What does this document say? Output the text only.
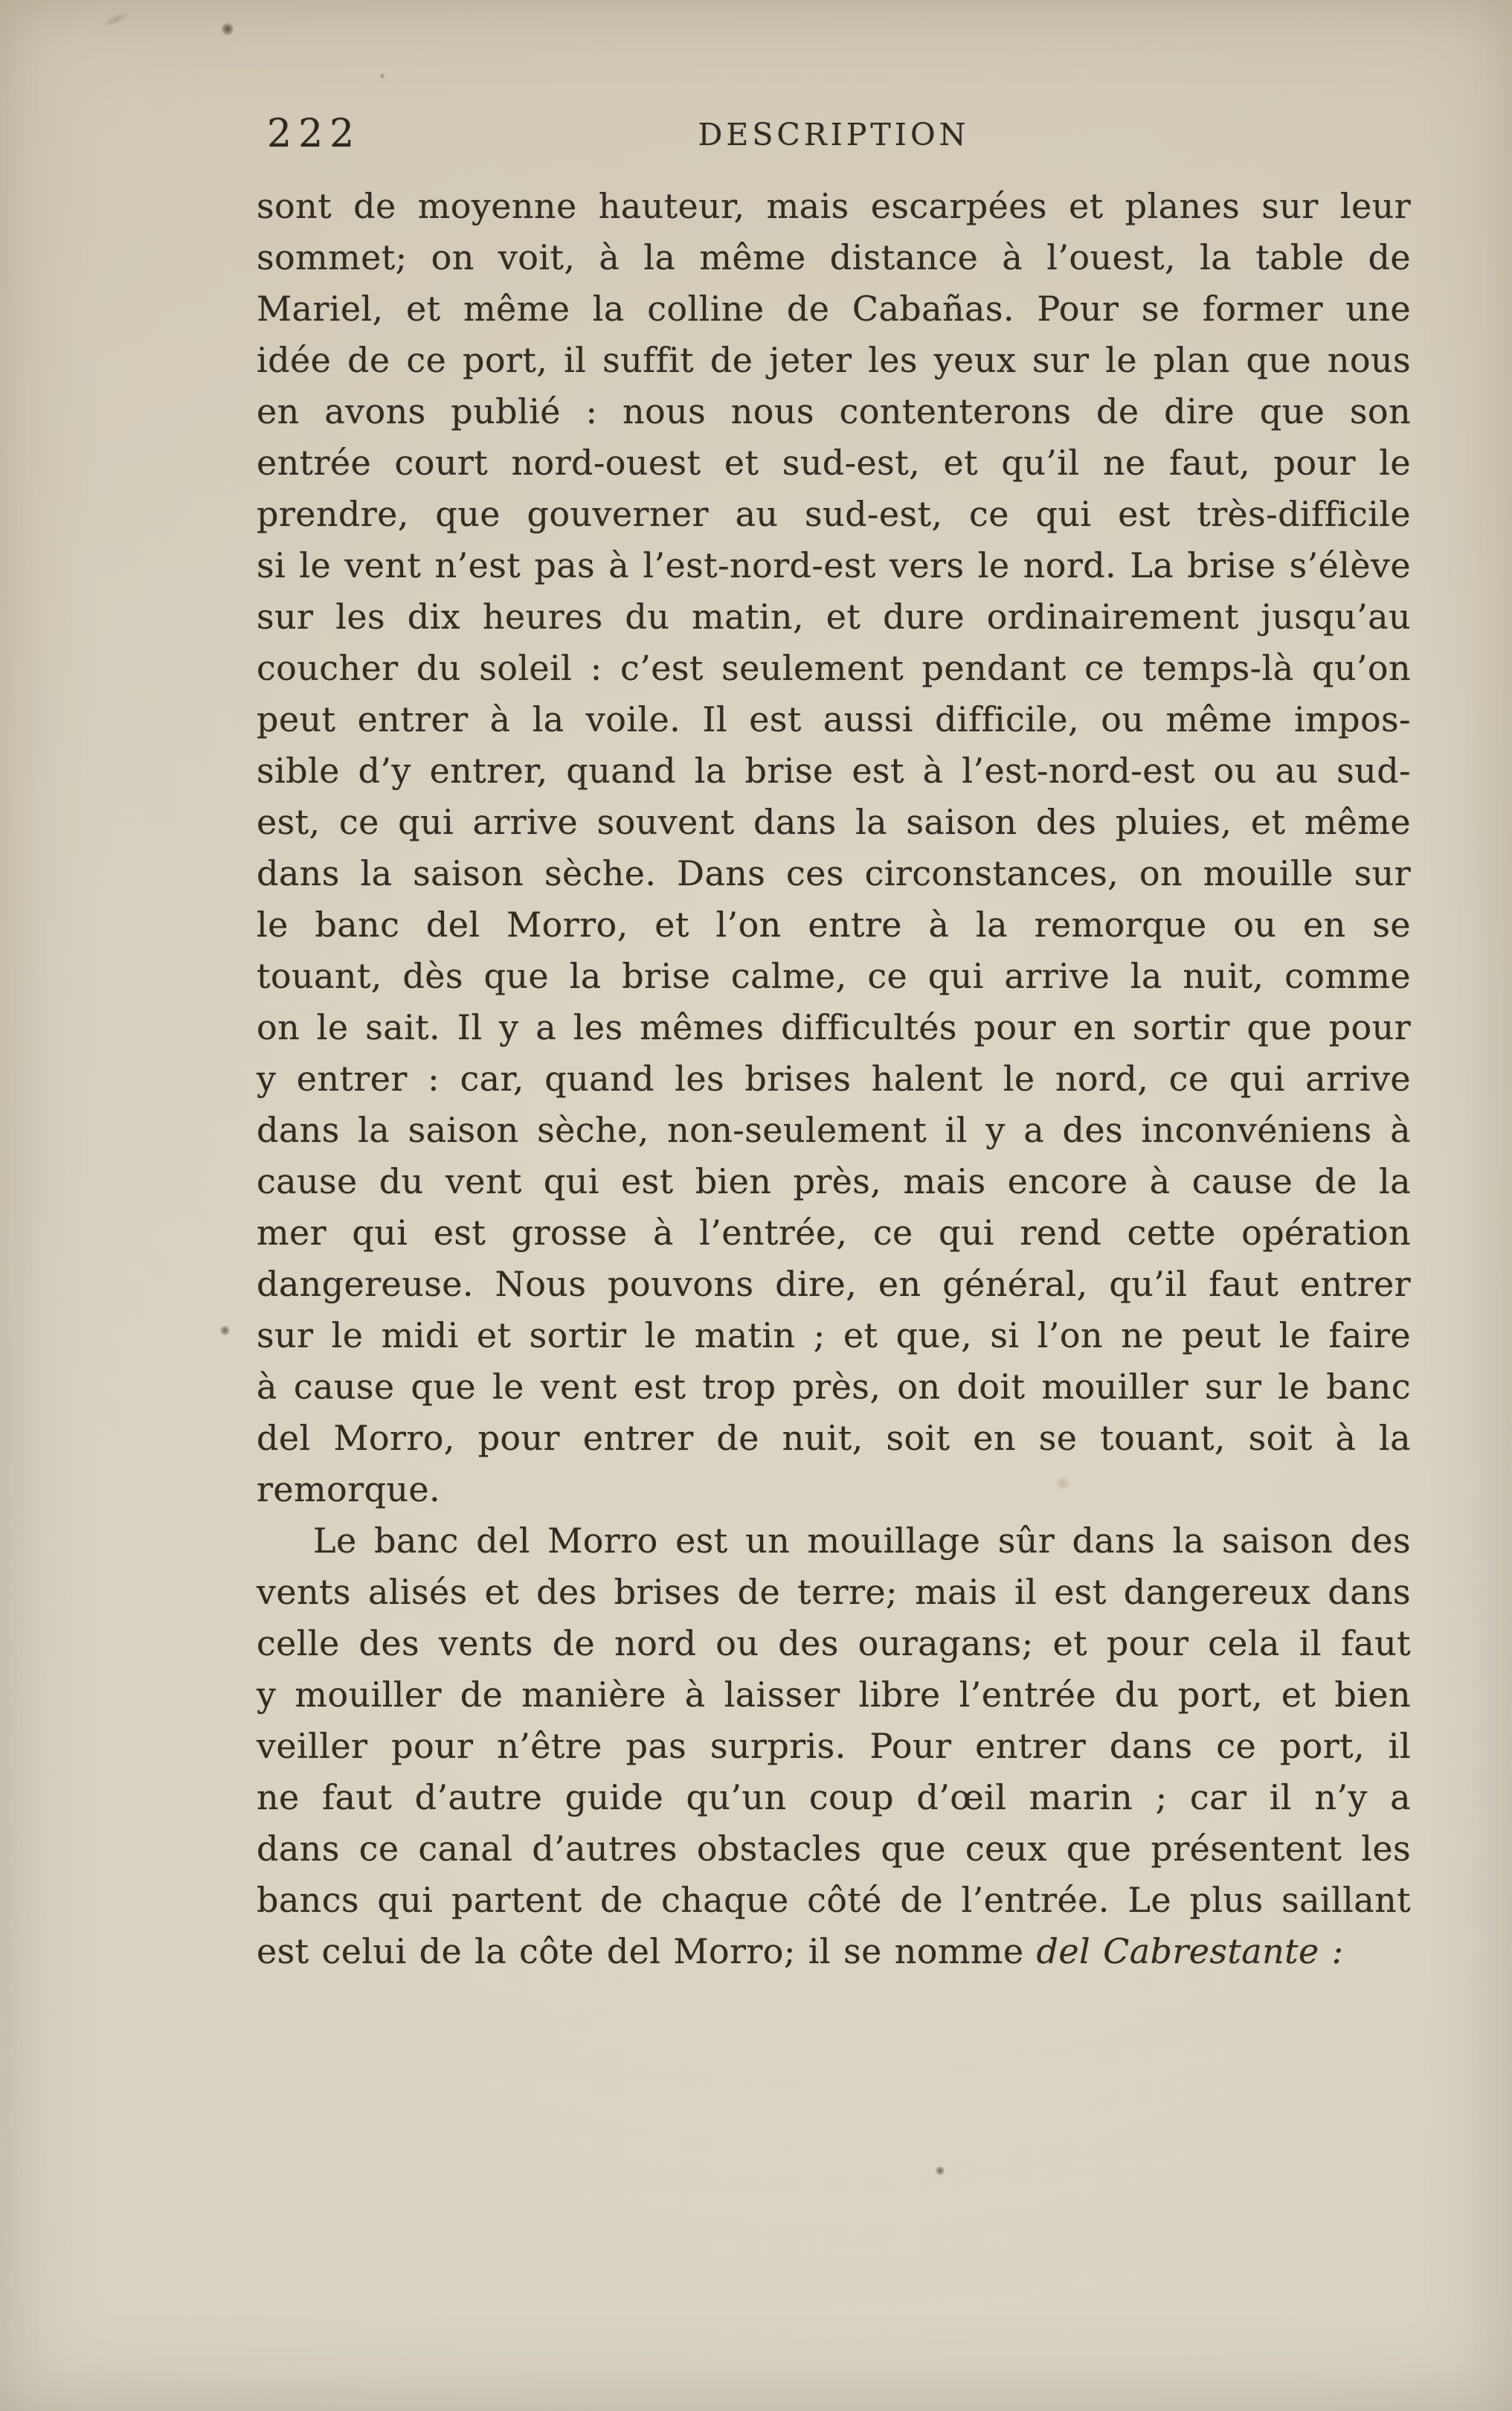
222	DESCRIPTION
sont de moyenne hauteur, mais escarpées et planes sur leur
sommet; on voit, à la même distance à l’ouest, la table de
Mariel, et même la colline de Cabañas. Pour se former une
idée de ce port, il suffit de jeter les yeux sur le plan que nous
en avons publié : nous nous contenterons de dire que son
entrée court nord-ouest et sud-est, et qu’il ne faut, pour le
prendre, que gouverner au sud-est, ce qui est très-difficile
si le vent n’est pas à l’est-nord-est vers le nord. La brise s’élève
sur les dix heures du matin, et dure ordinairement jusqu’au
coucher du soleil : c’est seulement pendant ce temps-là qu’on
peut entrer à la voile. Il est aussi difficile, ou même impos-
sible d’y entrer, quand la brise est à l’est-nord-est ou au sud-
est, ce qui arrive souvent dans la saison des pluies, et même
dans la saison sèche. Dans ces circonstances, on mouille sur
le banc del Morro, et l’on entre à la remorque ou en se
touant, dès que la brise calme, ce qui arrive la nuit, comme
on le sait. Il y a les mêmes difficultés pour en sortir que pour
y entrer : car, quand les brises halent le nord, ce qui arrive
dans la saison sèche, non-seulement il y a des inconvéniens à
cause du vent qui est bien près, mais encore à cause de la
mer qui est grosse à l’entrée, ce qui rend cette opération
dangereuse. Nous pouvons dire, en général, qu’il faut entrer
sur le midi et sortir le matin ; et que, si l’on ne peut le faire
à cause que le vent est trop près, on doit mouiller sur le banc
del Morro, pour entrer de nuit, soit en se touant, soit à la
remorque.
Le banc del Morro est un mouillage sûr dans la saison des
vents alisés et des brises de terre; mais il est dangereux dans
celle des vents de nord ou des ouragans; et pour cela il faut
y mouiller de manière à laisser libre l’entrée du port, et bien
veiller pour n’être pas surpris. Pour entrer dans ce port, il
ne faut d’autre guide qu’un coup d’œil marin ; car il n’y a
dans ce canal d’autres obstacles que ceux que présentent les
bancs qui partent de chaque côté de l’entrée. Le plus saillant
est celui de la côte del Morro; il se nomme del Cabrestante :
